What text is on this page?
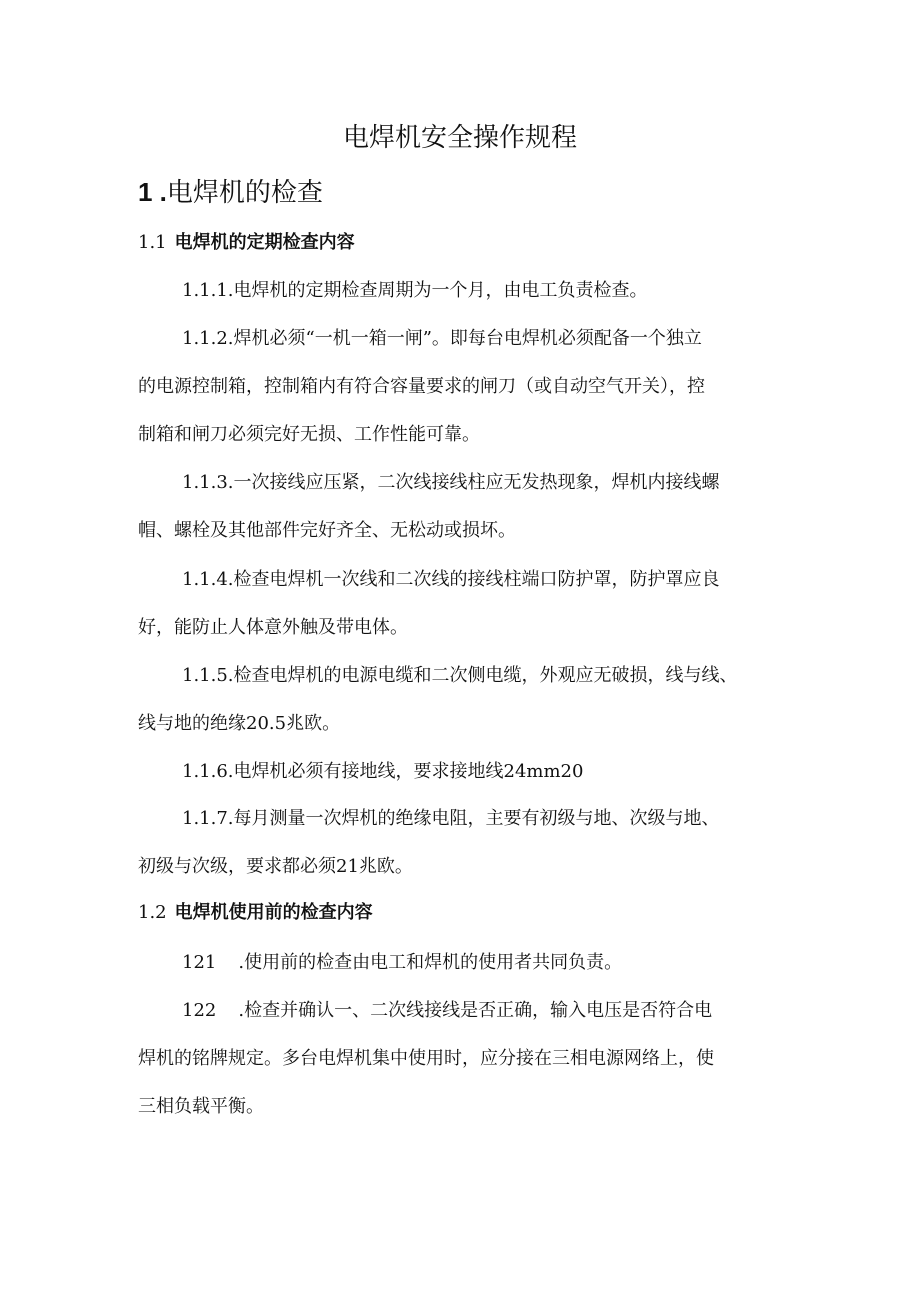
电焊机安全操作规程
1 .电焊机的检查
1.1 电焊机的定期检查内容
1.1.1.电焊机的定期检查周期为一个月，由电工负责检查。
1.1.2.焊机必须“一机一箱一闸”。即每台电焊机必须配备一个独立
的电源控制箱，控制箱内有符合容量要求的闸刀（或自动空气开关），控
制箱和闸刀必须完好无损、工作性能可靠。
1.1.3.一次接线应压紧，二次线接线柱应无发热现象，焊机内接线螺
帽、螺栓及其他部件完好齐全、无松动或损坏。
1.1.4.检查电焊机一次线和二次线的接线柱端口防护罩，防护罩应良
好，能防止人体意外触及带电体。
1.1.5.检查电焊机的电源电缆和二次侧电缆，外观应无破损，线与线、
线与地的绝缘20.5兆欧。
1.1.6.电焊机必须有接地线，要求接地线24mm20
1.1.7.每月测量一次焊机的绝缘电阻，主要有初级与地、次级与地、
初级与次级，要求都必须21兆欧。
1.2 电焊机使用前的检查内容
121 .使用前的检查由电工和焊机的使用者共同负责。
122 .检查并确认一、二次线接线是否正确，输入电压是否符合电
焊机的铭牌规定。多台电焊机集中使用时，应分接在三相电源网络上，使
三相负载平衡。
